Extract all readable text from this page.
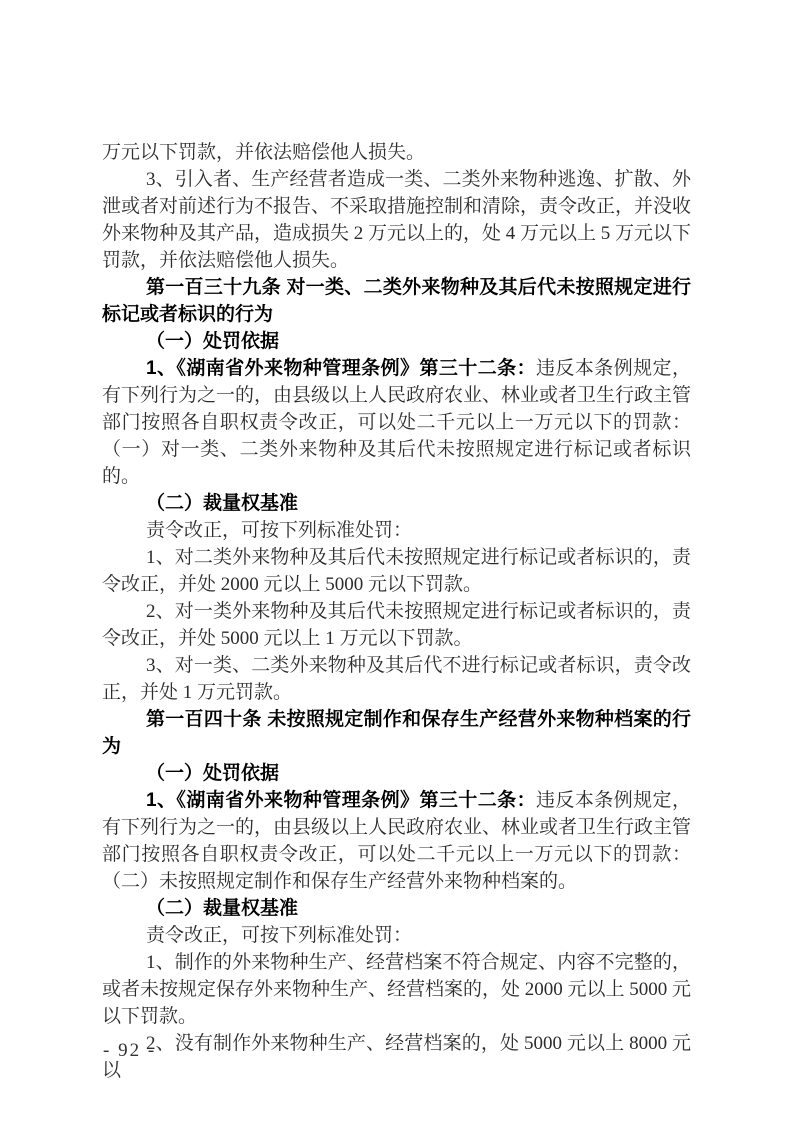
万元以下罚款，并依法赔偿他人损失。

3、引入者、生产经营者造成一类、二类外来物种逃逸、扩散、外泄或者对前述行为不报告、不采取措施控制和清除，责令改正，并没收外来物种及其产品，造成损失 2 万元以上的，处 4 万元以上 5 万元以下罚款，并依法赔偿他人损失。

第一百三十九条 对一类、二类外来物种及其后代未按照规定进行标记或者标识的行为

（一）处罚依据

1、《湖南省外来物种管理条例》第三十二条：违反本条例规定，有下列行为之一的，由县级以上人民政府农业、林业或者卫生行政主管部门按照各自职权责令改正，可以处二千元以上一万元以下的罚款：（一）对一类、二类外来物种及其后代未按照规定进行标记或者标识的。

（二）裁量权基准

责令改正，可按下列标准处罚：

1、对二类外来物种及其后代未按照规定进行标记或者标识的，责令改正，并处 2000 元以上 5000 元以下罚款。

2、对一类外来物种及其后代未按照规定进行标记或者标识的，责令改正，并处 5000 元以上 1 万元以下罚款。

3、对一类、二类外来物种及其后代不进行标记或者标识，责令改正，并处 1 万元罚款。

第一百四十条 未按照规定制作和保存生产经营外来物种档案的行为

（一）处罚依据

1、《湖南省外来物种管理条例》第三十二条：违反本条例规定，有下列行为之一的，由县级以上人民政府农业、林业或者卫生行政主管部门按照各自职权责令改正，可以处二千元以上一万元以下的罚款：（二）未按照规定制作和保存生产经营外来物种档案的。

（二）裁量权基准

责令改正，可按下列标准处罚：

1、制作的外来物种生产、经营档案不符合规定、内容不完整的，或者未按规定保存外来物种生产、经营档案的，处 2000 元以上 5000 元以下罚款。

2、没有制作外来物种生产、经营档案的，处 5000 元以上 8000 元以

- 92 -
